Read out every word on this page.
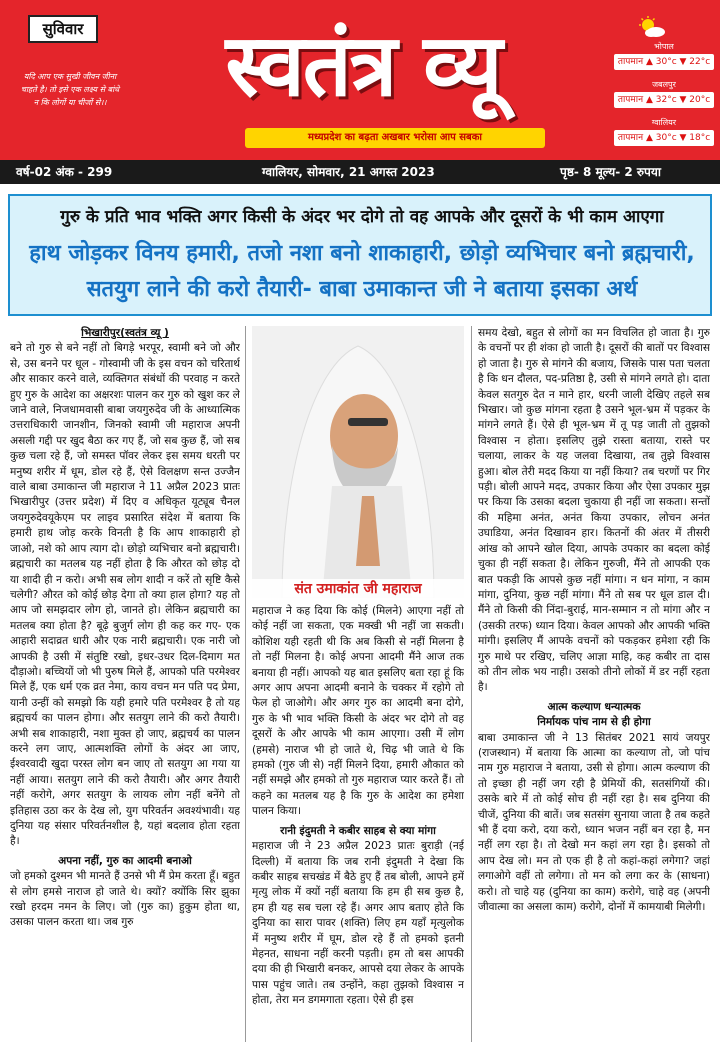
सुविवार
यदि आप एक सुखी जीवन जीना चाहते है। तो इसे एक लक्ष्य से बांधे न कि लोगों या चीजों से।।	स्वतंत्र व्यू
मध्यप्रदेश का बढ़ता अखबार भरोसा आप सबका
भोपाल
तापमान ▲ 30°c ▼ 22°c
जबलपुर
तापमान ▲ 32°c ▼ 20°c
ग्वालियर
तापमान ▲ 30°c ▼ 18°c
वर्ष-02 अंक - 299	ग्वालियर, सोमवार, 21 अगस्त 2023	पृष्ठ- 8 मूल्य- 2 रुपया
गुरु के प्रति भाव भक्ति अगर किसी के अंदर भर दोगे तो वह आपके और दूसरों के भी काम आएगा
हाथ जोड़कर विनय हमारी, तजो नशा बनो शाकाहारी, छोड़ो व्यभिचार बनो ब्रह्मचारी,
सतयुग लाने की करो तैयारी- बाबा उमाकान्त जी ने बताया इसका अर्थ

भिखारीपुर(स्वतंत्र व्यू )

बने तो गुरु से बने नहीं तो बिगड़े भरपूर, स्वामी बने जो और से, उस बनने पर धूल - गोस्वामी जी के इस वचन को चरितार्थ और साकार करने वाले, व्यक्तिगत संबंधों की परवाह न करते हुए गुरु के आदेश का अक्षरशः पालन कर गुरु को खुश कर ले जाने वाले, निजधामवासी बाबा जयगुरुदेव जी के आध्यात्मिक उत्तराधिकारी जानशीन, जिनको स्वामी जी महाराज अपनी असली गद्दी पर खुद बैठा कर गए हैं, जो सब कुछ हैं, जो सब कुछ चला रहे हैं, जो समस्त पॉवर लेकर इस समय धरती पर मनुष्य शरीर में धूम, डोल रहे हैं, ऐसे विलक्षण सन्त उज्जैन वाले बाबा उमाकान्त जी महाराज ने 11 अप्रैल 2023 प्रातः भिखारीपुर (उत्तर प्रदेश) में दिए व अधिकृत यूट्यूब चैनल जयगुरुदेवयूकेएम पर लाइव प्रसारित संदेश में बताया कि हमारी हाथ जोड़ करके विनती है कि आप शाकाहारी हो जाओ, नशे को आप त्याग दो। छोड़ो व्यभिचार बनो ब्रह्मचारी। ब्रह्मचारी का मतलब यह नहीं होता है कि औरत को छोड़ दो या शादी ही न करो। अभी सब लोग शादी न करें तो सृष्टि कैसे चलेगी? औरत को कोई छोड़ देगा तो क्या हाल होगा? यह तो आप जो समझदार लोग हो, जानते हो। लेकिन ब्रह्मचारी का मतलब क्या होता है? बूढ़े बुजुर्ग लोग ही कह कर गए- एक आहारी सदाव्रत धारी और एक नारी ब्रह्मचारी। एक नारी जो आपकी है उसी में संतुष्टि रखो, इधर-उधर दिल-दिमाग मत दौड़ाओ। बच्चियों जो भी पुरुष मिले हैं, आपको पति परमेश्वर मिले हैं, एक धर्म एक व्रत नेमा, काय वचन मन पति पद प्रेमा, यानी उन्हीं को समझो कि यही हमारे पति परमेश्वर है तो यह ब्रह्मचर्य का पालन होगा। और सतयुग लाने की करो तैयारी। अभी सब शाकाहारी, नशा मुक्त हो जाए, ब्रह्मचर्य का पालन करने लग जाए, आत्मशक्ति लोगों के अंदर आ जाए, ईश्वरवादी खुदा परस्त लोग बन जाए तो सतयुग आ गया या नहीं आया। सतयुग लाने की करो तैयारी। और अगर तैयारी नहीं करोगे, अगर सतयुग के लायक लोग नहीं बनेंगे तो इतिहास उठा कर के देख लो, युग परिवर्तन अवश्यंभावी। यह दुनिया यह संसार परिवर्तनशील है, यहां बदलाव होता रहता है।

अपना नहीं, गुरु का आदमी बनाओ

जो हमको दुश्मन भी मानते हैं उनसे भी मैं प्रेम करता हूँ। बहुत से लोग हमसे नाराज हो जाते थे। क्यों? क्योंकि सिर झुका रखो हरदम नमन के लिए। जो (गुरु का) हुकुम होता था, उसका पालन करता था। जब गुरु

संत उमाकांत जी महाराज

महाराज ने कह दिया कि कोई (मिलने) आएगा नहीं तो कोई नहीं जा सकता, एक मक्खी भी नहीं जा सकती। कोशिश यही रहती थी कि अब किसी से नहीं मिलना है तो नहीं मिलना है। कोई अपना आदमी मैंने आज तक बनाया ही नहीं। आपको यह बात इसलिए बता रहा हूं कि अगर आप अपना आदमी बनाने के चक्कर में रहोगे तो फेल हो जाओगे। और अगर गुरु का आदमी बना दोगे, गुरु के भी भाव भक्ति किसी के अंदर भर दोगे तो वह दूसरों के और आपके भी काम आएगा। उसी में लोग (हमसे) नाराज भी हो जाते थे, चिढ़ भी जाते थे कि हमको (गुरु जी से) नहीं मिलने दिया, हमारी औकात को नहीं समझे और हमको तो गुरु महाराज प्यार करते हैं। तो कहने का मतलब यह है कि गुरु के आदेश का हमेशा पालन किया।

रानी इंदुमती ने कबीर साहब से क्या मांगा

महाराज जी ने 23 अप्रैल 2023 प्रातः बुराड़ी (नई दिल्ली) में बताया कि जब रानी इंदुमती ने देखा कि कबीर साहब सचखंड में बैठे हुए हैं तब बोली, आपने हमें मृत्यु लोक में क्यों नहीं बताया कि हम ही सब कुछ है, हम ही यह सब चला रहे हैं। अगर आप बताए होते कि दुनिया का सारा पावर (शक्ति) लिए हम यहाँ मृत्युलोक में मनुष्य शरीर में घूम, डोल रहे हैं तो हमको इतनी मेहनत, साधना नहीं करनी पड़ती। हम तो बस आपकी दया की ही भिखारी बनकर, आपसे दया लेकर के आपके पास पहुंच जाते। तब उन्होंने, कहा तुझको विश्वास न होता, तेरा मन डगमगाता रहता। ऐसे ही इस

समय देखो, बहुत से लोगों का मन विचलित हो जाता है। गुरु के वचनों पर ही शंका हो जाती है। दूसरों की बातों पर विश्वास हो जाता है। गुरु से मांगने की बजाय, जिसके पास पता चलता है कि धन दौलत, पद-प्रतिष्ठा है, उसी से मांगने लगते हो। दाता केवल सतगुरु देत न माने हार, धरनी जाली देखिए तहले सब भिखार। जो कुछ मांगना रहता है उसने भूल-भ्रम में पड़कर के मांगने लगते हैं। ऐसे ही भूल-भ्रम में तू पड़ जाती तो तुझको विश्वास न होता। इसलिए तुझे रास्ता बताया, रास्ते पर चलाया, लाकर के यह जलवा दिखाया, तब तुझे विश्वास हुआ। बोल तेरी मदद किया या नहीं किया? तब चरणों पर गिर पड़ी। बोली आपने मदद, उपकार किया और ऐसा उपकार मुझ पर किया कि उसका बदला चुकाया ही नहीं जा सकता। सन्तों की महिमा अनंत, अनंत किया उपकार, लोचन अनंत उघाडिया, अनंत दिखावन हार। कितनों की अंतर में तीसरी आंख को आपने खोल दिया, आपके उपकार का बदला कोई चुका ही नहीं सकता है। लेकिन गुरुजी, मैंने तो आपकी एक बात पकड़ी कि आपसे कुछ नहीं मांगा। न धन मांगा, न काम मांगा, दुनिया, कुछ नहीं मांगा। मैंने तो सब पर धूल डाल दी। मैंने तो किसी की निंदा-बुराई, मान-सम्मान न तो मांगा और न (उसकी तरफ) ध्यान दिया। केवल आपको और आपकी भक्ति मांगी। इसलिए मैं आपके वचनों को पकड़कर हमेशा रही कि गुरु माथे पर रखिए, चलिए आज्ञा माहि, कह कबीर ता दास को तीन लोक भय नाही। उसको तीनो लोकों में डर नहीं रहता है।

आत्म कल्याण धन्यात्मक

निर्मायक पांच नाम से ही होगा

बाबा उमाकान्त जी ने 13 सितंबर 2021 सायं जयपुर (राजस्थान) में बताया कि आत्मा का कल्याण तो, जो पांच नाम गुरु महाराज ने बताया, उसी से होगा। आत्म कल्याण की तो इच्छा ही नहीं जग रही है प्रेमियों की, सतसंगियों की। उसके बारे में तो कोई सोच ही नहीं रहा है। सब दुनिया की चीजें, दुनिया की बातें। जब सतसंग सुनाया जाता है तब कहते भी हैं दया करो, दया करो, ध्यान भजन नहीं बन रहा है, मन नहीं लग रहा है। तो देखो मन कहां लग रहा है। इसको तो आप देख लो। मन तो एक ही है तो कहां-कहां लगेगा? जहां लगाओगे वहीं तो लगेगा। तो मन को लगा कर के (साधना) करो। तो चाहे यह (दुनिया का काम) करोगे, चाहे वह (अपनी जीवात्मा का असला काम) करोगे, दोनों में कामयाबी मिलेगी।
